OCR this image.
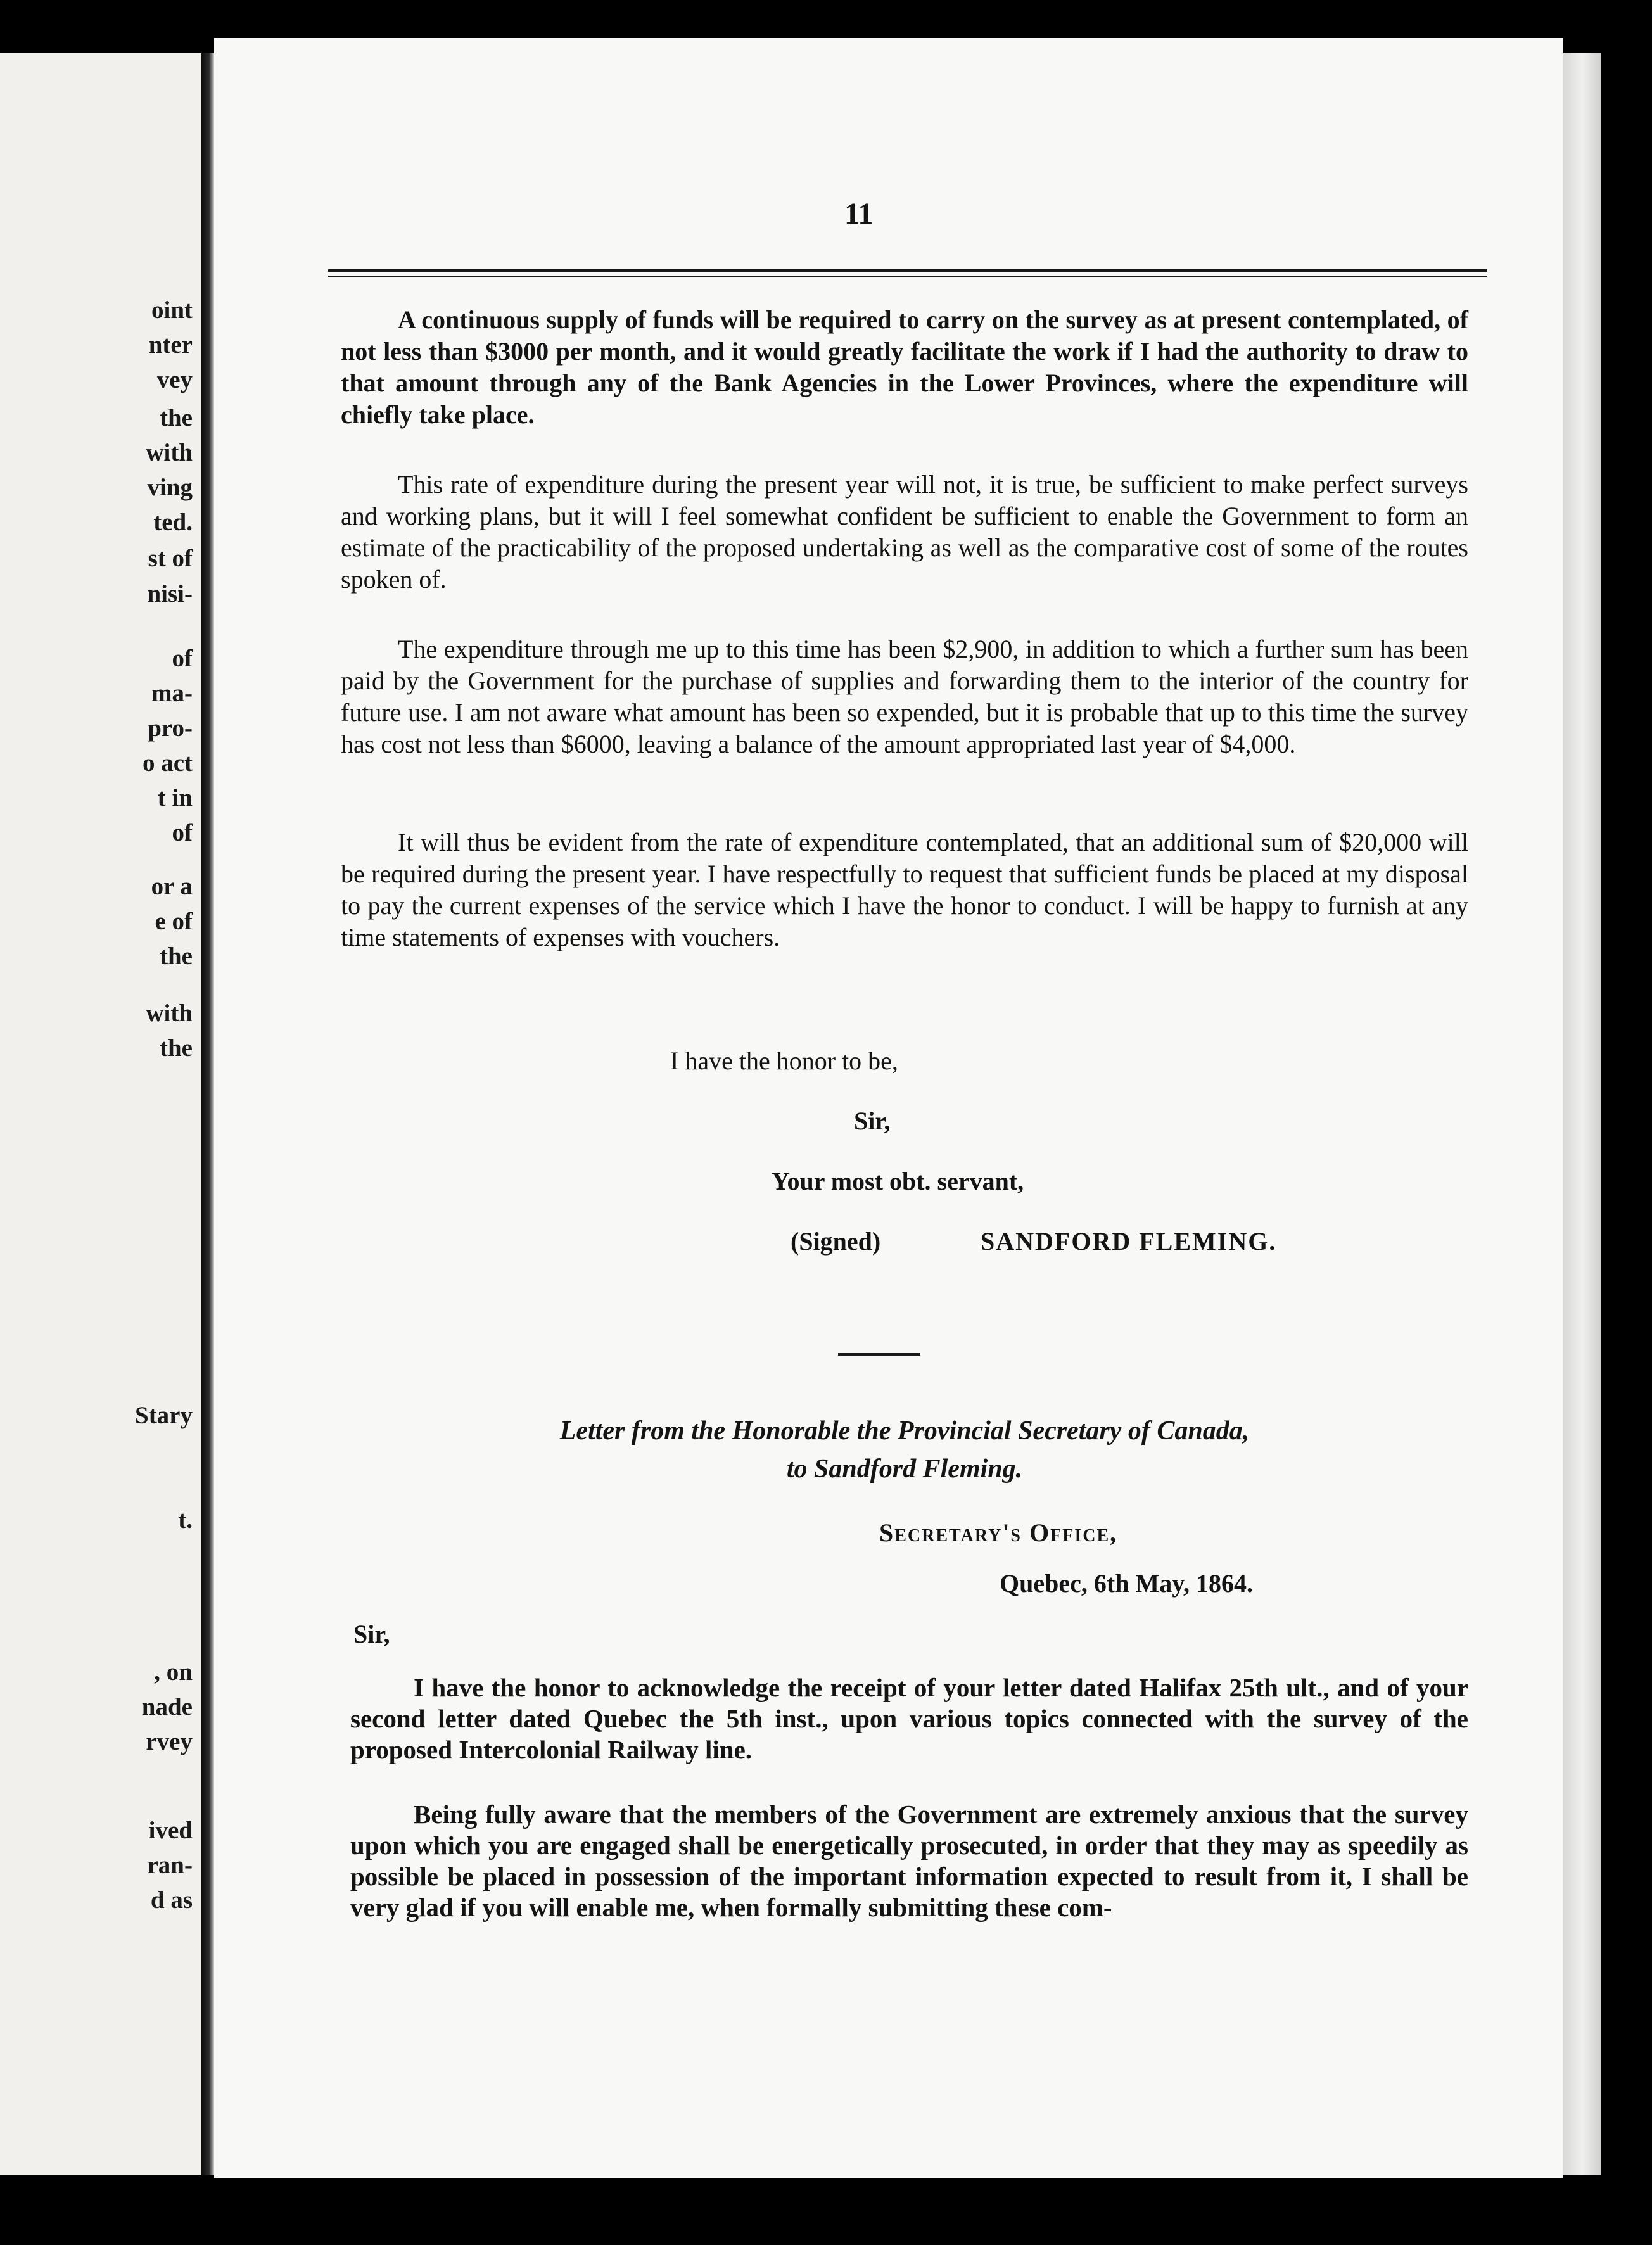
oint
nter
vey
the
with
ving
ted.
st of
nisi-
of
ma-
pro-
o act
t in
of
or a
e of
the
with
the
Stary
t.
, on
nade
rvey
ived
ran-
d as
11

A continuous supply of funds will be required to carry on the survey as at present contemplated, of not less than $3000 per month, and it would greatly facilitate the work if I had the authority to draw to that amount through any of the Bank Agencies in the Lower Provinces, where the expenditure will chiefly take place.

This rate of expenditure during the present year will not, it is true, be sufficient to make perfect surveys and working plans, but it will I feel somewhat confident be sufficient to enable the Government to form an estimate of the practicability of the proposed undertaking as well as the comparative cost of some of the routes spoken of.

The expenditure through me up to this time has been $2,900, in addition to which a further sum has been paid by the Government for the purchase of supplies and forwarding them to the interior of the country for future use. I am not aware what amount has been so expended, but it is probable that up to this time the survey has cost not less than $6000, leaving a balance of the amount appropriated last year of $4,000.

It will thus be evident from the rate of expenditure contemplated, that an additional sum of $20,000 will be required during the present year. I have respectfully to request that sufficient funds be placed at my disposal to pay the current expenses of the service which I have the honor to conduct. I will be happy to furnish at any time statements of expenses with vouchers.

I have the honor to be,
Sir,
Your most obt. servant,
(Signed)	SANDFORD FLEMING.
Letter from the Honorable the Provincial Secretary of Canada,
to Sandford Fleming.
Secretary's Office,
Quebec, 6th May, 1864.
Sir,

I have the honor to acknowledge the receipt of your letter dated Halifax 25th ult., and of your second letter dated Quebec the 5th inst., upon various topics connected with the survey of the proposed Intercolonial Railway line.

Being fully aware that the members of the Government are extremely anxious that the survey upon which you are engaged shall be energetically prosecuted, in order that they may as speedily as possible be placed in possession of the important information expected to result from it, I shall be very glad if you will enable me, when formally submitting these com-
